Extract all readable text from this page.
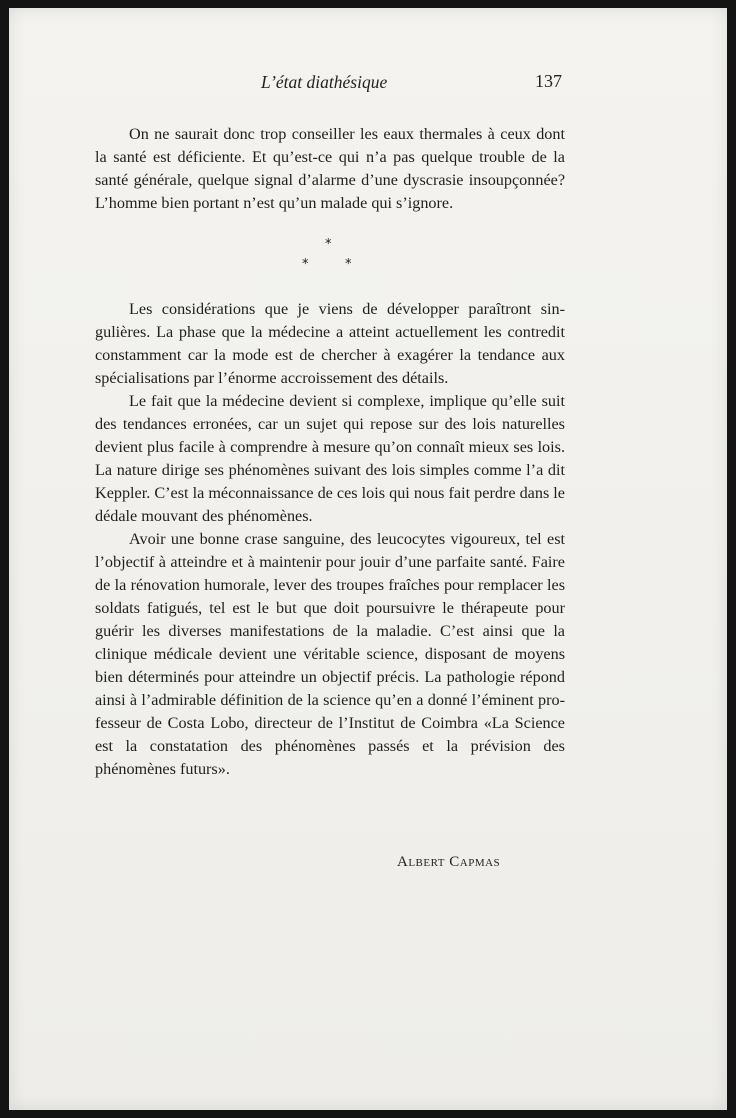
L’état diathésique	137

On ne saurait donc trop conseiller les eaux thermales à ceux dont la santé est déficiente. Et qu’est-ce qui n’a pas quelque trouble de la santé générale, quelque signal d’alarme d’une dyscrasie insoupçonnée? L’homme bien portant n’est qu’un malade qui s’ignore.

*
*	*

Les considérations que je viens de développer paraîtront singulières. La phase que la médecine a atteint actuellement les contredit constamment car la mode est de chercher à exagérer la tendance aux spécialisations par l’énorme accroissement des détails.

Le fait que la médecine devient si complexe, implique qu’elle suit des tendances erronées, car un sujet qui repose sur des lois naturelles devient plus facile à comprendre à mesure qu’on connaît mieux ses lois. La nature dirige ses phénomènes suivant des lois simples comme l’a dit Keppler. C’est la méconnaissance de ces lois qui nous fait perdre dans le dédale mouvant des phénomènes.

Avoir une bonne crase sanguine, des leucocytes vigoureux, tel est l’objectif à atteindre et à maintenir pour jouir d’une parfaite santé. Faire de la rénovation humorale, lever des troupes fraîches pour remplacer les soldats fatigués, tel est le but que doit poursuivre le thérapeute pour guérir les diverses manifestations de la maladie. C’est ainsi que la clinique médicale devient une véritable science, disposant de moyens bien déterminés pour atteindre un objectif précis. La pathologie répond ainsi à l’admirable définition de la science qu’en a donné l’éminent professeur de Costa Lobo, directeur de l’Institut de Coimbra «La Science est la constatation des phénomènes passés et la prévision des phénomènes futurs».

Albert Capmas
